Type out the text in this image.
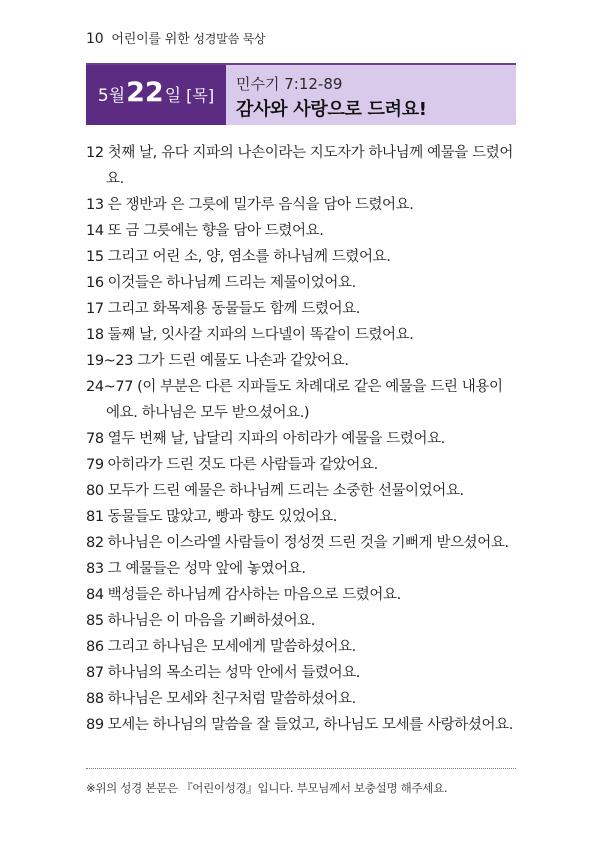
10 어린이를 위한 성경말씀 묵상
5월 22 일 [목]
민수기 7:12-89
감사와 사랑으로 드려요!
12 첫째 날, 유다 지파의 나손이라는 지도자가 하나님께 예물을 드렸어요.
13 은 쟁반과 은 그릇에 밀가루 음식을 담아 드렸어요.
14 또 금 그릇에는 향을 담아 드렸어요.
15 그리고 어린 소, 양, 염소를 하나님께 드렸어요.
16 이것들은 하나님께 드리는 제물이었어요.
17 그리고 화목제용 동물들도 함께 드렸어요.
18 둘째 날, 잇사갈 지파의 느다넬이 똑같이 드렸어요.
19~23 그가 드린 예물도 나손과 같았어요.
24~77 (이 부분은 다른 지파들도 차례대로 같은 예물을 드린 내용이에요. 하나님은 모두 받으셨어요.)
78 열두 번째 날, 납달리 지파의 아히라가 예물을 드렸어요.
79 아히라가 드린 것도 다른 사람들과 같았어요.
80 모두가 드린 예물은 하나님께 드리는 소중한 선물이었어요.
81 동물들도 많았고, 빵과 향도 있었어요.
82 하나님은 이스라엘 사람들이 정성껏 드린 것을 기뻐게 받으셨어요.
83 그 예물들은 성막 앞에 놓였어요.
84 백성들은 하나님께 감사하는 마음으로 드렸어요.
85 하나님은 이 마음을 기뻐하셨어요.
86 그리고 하나님은 모세에게 말씀하셨어요.
87 하나님의 목소리는 성막 안에서 들렸어요.
88 하나님은 모세와 친구처럼 말씀하셨어요.
89 모세는 하나님의 말씀을 잘 들었고, 하나님도 모세를 사랑하셨어요.
※위의 성경 본문은 『어린이성경』입니다. 부모님께서 보충설명 해주세요.
